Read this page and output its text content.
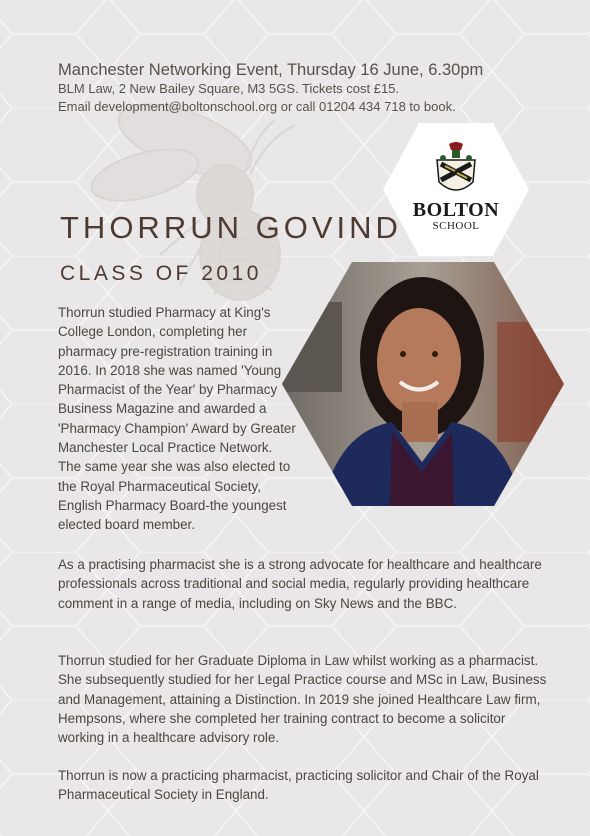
Manchester Networking Event, Thursday 16 June, 6.30pm
BLM Law, 2 New Bailey Square, M3 5GS. Tickets cost £15.
Email development@boltonschool.org or call 01204 434 718 to book.
BOLTON
SCHOOL
THORRUN GOVIND
CLASS OF 2010

Thorrun studied Pharmacy at King's College London, completing her pharmacy pre-registration training in 2016. In 2018 she was named 'Young Pharmacist of the Year' by Pharmacy Business Magazine and awarded a 'Pharmacy Champion' Award by Greater Manchester Local Practice Network. The same year she was also elected to the Royal Pharmaceutical Society, English Pharmacy Board-the youngest elected board member.

As a practising pharmacist she is a strong advocate for healthcare and healthcare professionals across traditional and social media, regularly providing healthcare comment in a range of media, including on Sky News and the BBC.

Thorrun studied for her Graduate Diploma in Law whilst working as a pharmacist. She subsequently studied for her Legal Practice course and MSc in Law, Business and Management, attaining a Distinction. In 2019 she joined Healthcare Law firm, Hempsons, where she completed her training contract to become a solicitor working in a healthcare advisory role.

Thorrun is now a practicing pharmacist, practicing solicitor and Chair of the Royal Pharmaceutical Society in England.
